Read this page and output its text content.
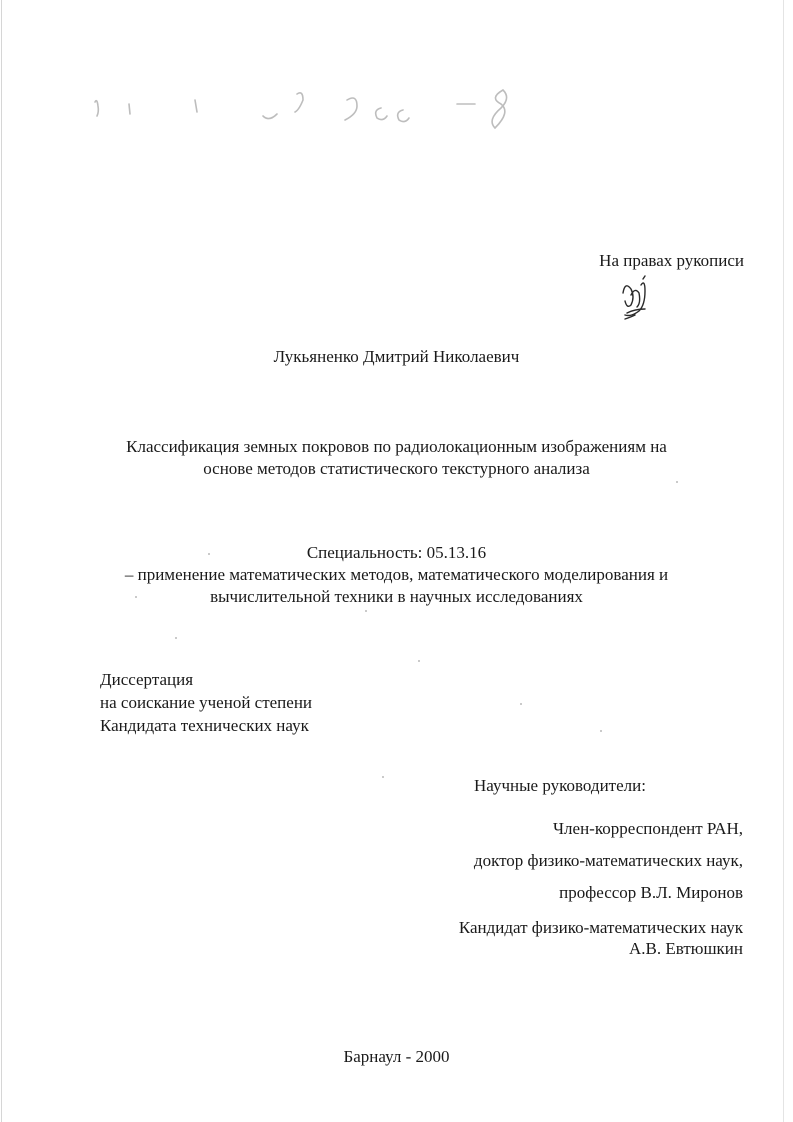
На правах рукописи
Лукьяненко Дмитрий Николаевич
Классификация земных покровов по радиолокационным изображениям на
основе методов статистического текстурного анализа
Специальность: 05.13.16
– применение математических методов, математического моделирования и
вычислительной техники в научных исследованиях
Диссертация
на соискание ученой степени
Кандидата технических наук
Научные руководители:
Член-корреспондент РАН,
доктор физико-математических наук,
профессор В.Л. Миронов
Кандидат физико-математических наук
А.В. Евтюшкин
Барнаул - 2000
